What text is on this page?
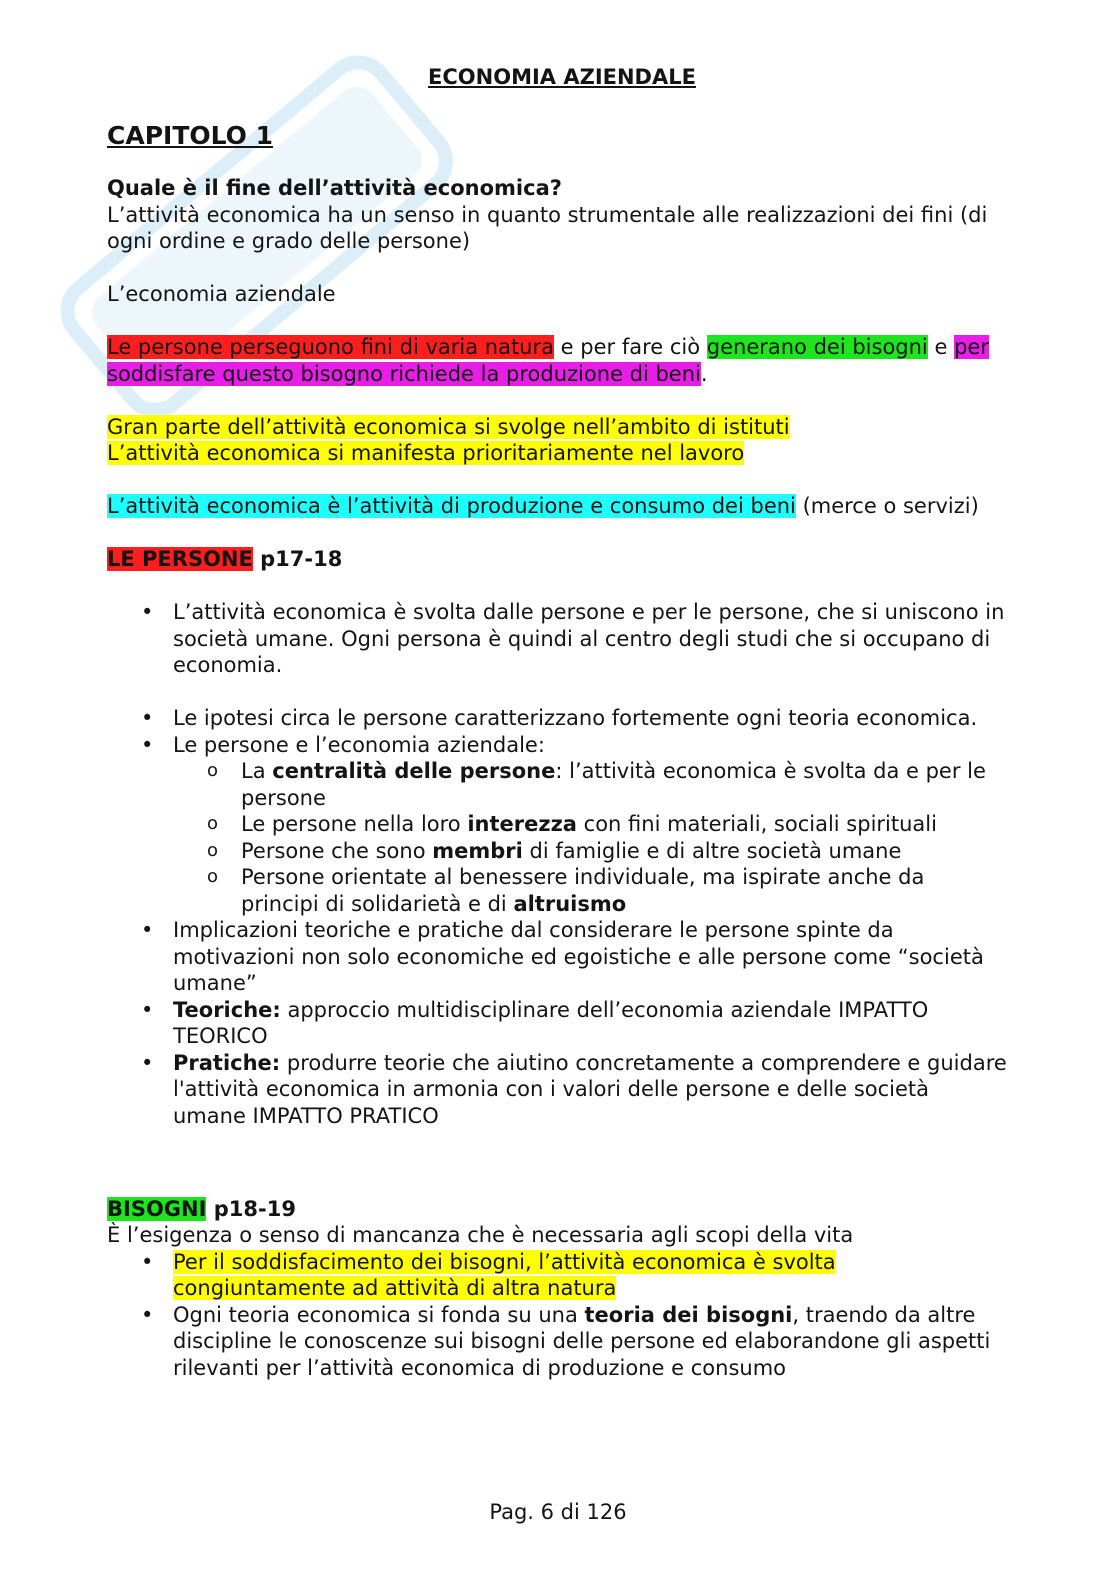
ECONOMIA AZIENDALE
CAPITOLO 1

Quale è il fine dell’attività economica?

L’attività economica ha un senso in quanto strumentale alle realizzazioni dei fini (di ogni ordine e grado delle persone)

L’economia aziendale

Le persone perseguono fini di varia natura e per fare ciò generano dei bisogni e per soddisfare questo bisogno richiede la produzione di beni.

Gran parte dell’attività economica si svolge nell’ambito di istituti
L’attività economica si manifesta prioritariamente nel lavoro

L’attività economica è l’attività di produzione e consumo dei beni (merce o servizi)

LE PERSONE p17-18

• L’attività economica è svolta dalle persone e per le persone, che si uniscono in società umane. Ogni persona è quindi al centro degli studi che si occupano di economia.
• Le ipotesi circa le persone caratterizzano fortemente ogni teoria economica.
• Le persone e l’economia aziendale:
o La centralità delle persone: l’attività economica è svolta da e per le persone
o Le persone nella loro interezza con fini materiali, sociali spirituali
o Persone che sono membri di famiglie e di altre società umane
o Persone orientate al benessere individuale, ma ispirate anche da principi di solidarietà e di altruismo
• Implicazioni teoriche e pratiche dal considerare le persone spinte da motivazioni non solo economiche ed egoistiche e alle persone come “società umane”
• Teoriche: approccio multidisciplinare dell’economia aziendale IMPATTO TEORICO
• Pratiche: produrre teorie che aiutino concretamente a comprendere e guidare l'attività economica in armonia con i valori delle persone e delle società umane IMPATTO PRATICO

BISOGNI p18-19

È l’esigenza o senso di mancanza che è necessaria agli scopi della vita

• Per il soddisfacimento dei bisogni, l’attività economica è svolta congiuntamente ad attività di altra natura
• Ogni teoria economica si fonda su una teoria dei bisogni, traendo da altre discipline le conoscenze sui bisogni delle persone ed elaborandone gli aspetti rilevanti per l’attività economica di produzione e consumo
Pag. 6 di 126
